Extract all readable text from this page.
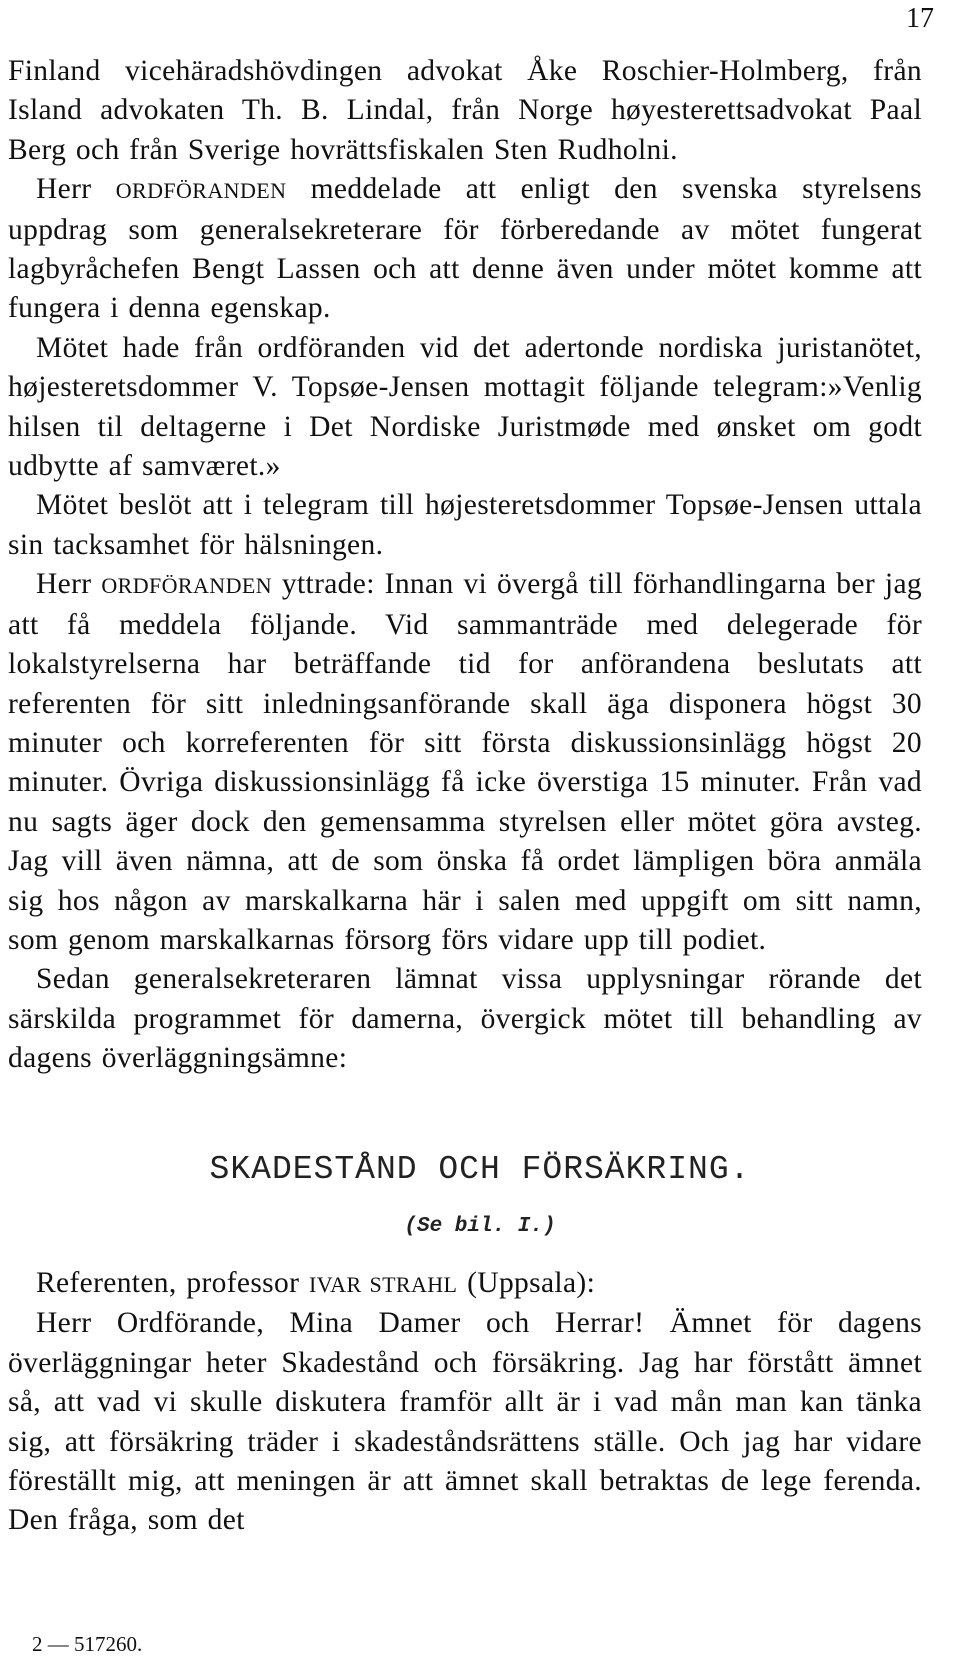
17

Finland vicehäradshövdingen advokat Åke Roschier-Holmberg, från Island advokaten Th. B. Lindal, från Norge høyesterettsadvokat Paal Berg och från Sverige hovrättsfiskalen Sten Rudholni.

Herr ORDFÖRANDEN meddelade att enligt den svenska styrelsens uppdrag som generalsekreterare för förberedande av mötet fungerat lagbyråchefen Bengt Lassen och att denne även under mötet komme att fungera i denna egenskap.

Mötet hade från ordföranden vid det adertonde nordiska juristanötet, højesteretsdommer V. Topsøe-Jensen mottagit följande telegram:»Venlig hilsen til deltagerne i Det Nordiske Juristmøde med ønsket om godt udbytte af samværet.»

Mötet beslöt att i telegram till højesteretsdommer Topsøe-Jensen uttala sin tacksamhet för hälsningen.

Herr ORDFÖRANDEN yttrade: Innan vi övergå till förhandlingarna ber jag att få meddela följande. Vid sammanträde med delegerade för lokalstyrelserna har beträffande tid for anförandena beslutats att referenten för sitt inledningsanförande skall äga disponera högst 30 minuter och korreferenten för sitt första diskussionsinlägg högst 20 minuter. Övriga diskussionsinlägg få icke överstiga 15 minuter. Från vad nu sagts äger dock den gemensamma styrelsen eller mötet göra avsteg. Jag vill även nämna, att de som önska få ordet lämpligen böra anmäla sig hos någon av marskalkarna här i salen med uppgift om sitt namn, som genom marskalkarnas försorg förs vidare upp till podiet.

Sedan generalsekreteraren lämnat vissa upplysningar rörande det särskilda programmet för damerna, övergick mötet till behandling av dagens överläggningsämne:

SKADESTÅND OCH FÖRSÄKRING.
(Se bil. I.)

Referenten, professor IVAR STRAHL (Uppsala):

Herr Ordförande, Mina Damer och Herrar! Ämnet för dagens överläggningar heter Skadestånd och försäkring. Jag har förstått ämnet så, att vad vi skulle diskutera framför allt är i vad mån man kan tänka sig, att försäkring träder i skadeståndsrättens ställe. Och jag har vidare föreställt mig, att meningen är att ämnet skall betraktas de lege ferenda. Den fråga, som det

2 — 517260.
